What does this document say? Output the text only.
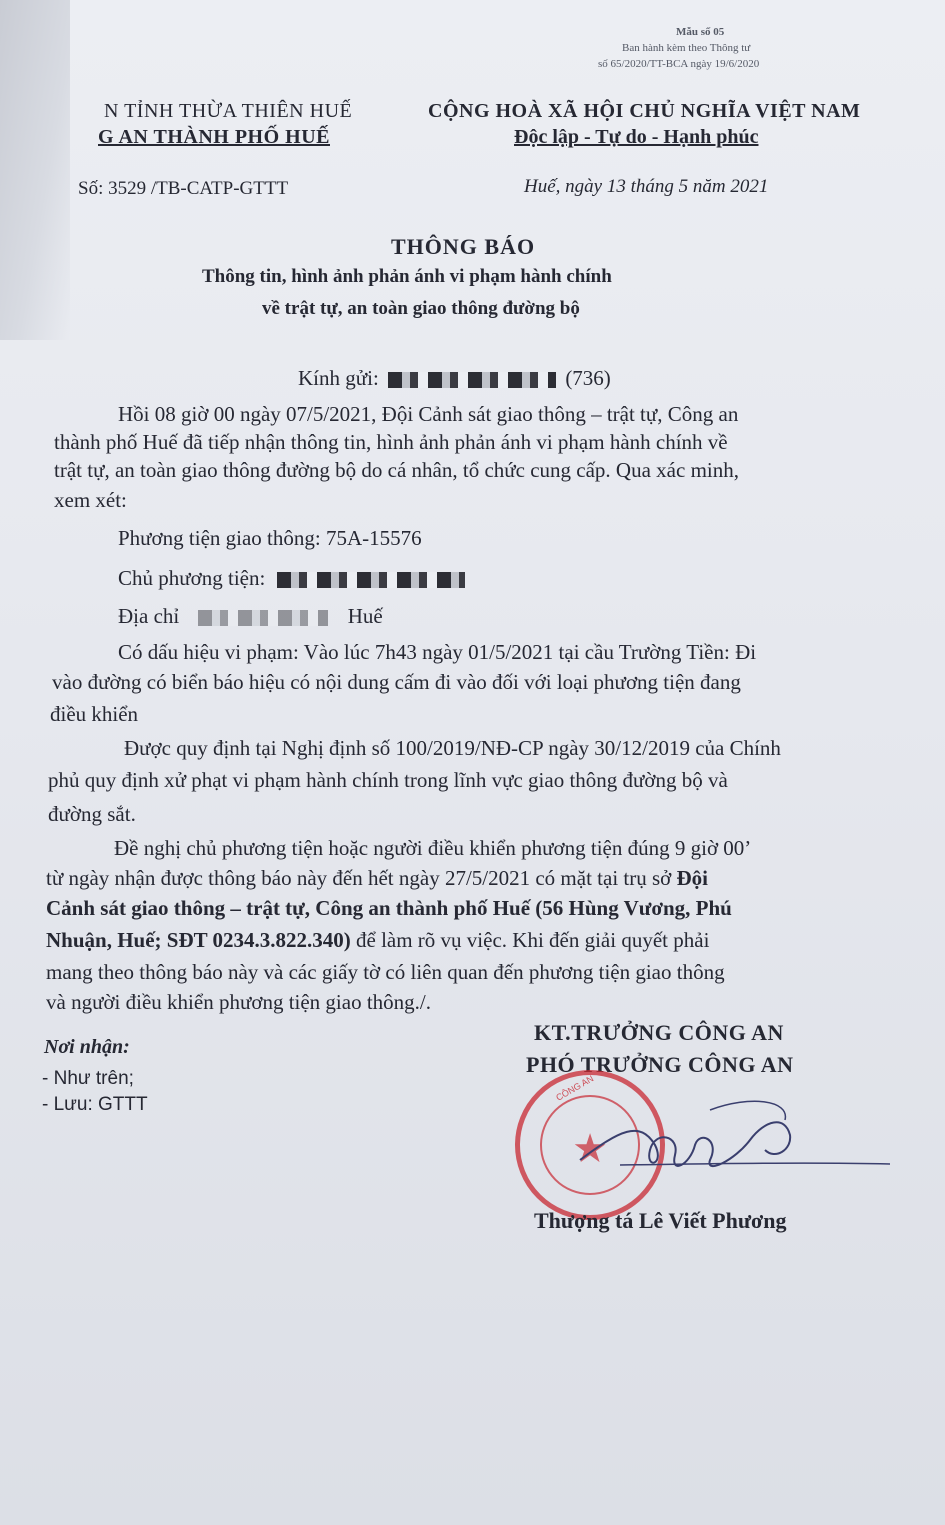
Mẫu số 05
Ban hành kèm theo Thông tư
số 65/2020/TT-BCA ngày 19/6/2020
N TỈNH THỪA THIÊN HUẾ
G AN THÀNH PHỐ HUẾ
Số: 3529 /TB-CATP-GTTT
CỘNG HOÀ XÃ HỘI CHỦ NGHĨA VIỆT NAM
Độc lập - Tự do - Hạnh phúc
Huế, ngày 13 tháng 5 năm 2021
THÔNG BÁO
Thông tin, hình ảnh phản ánh vi phạm hành chính
về trật tự, an toàn giao thông đường bộ
Kính gửi:	(736)
Hồi 08 giờ 00 ngày 07/5/2021, Đội Cảnh sát giao thông – trật tự, Công an
thành phố Huế đã tiếp nhận thông tin, hình ảnh phản ánh vi phạm hành chính về
trật tự, an toàn giao thông đường bộ do cá nhân, tổ chức cung cấp. Qua xác minh,
xem xét:
Phương tiện giao thông: 75A-15576
Chủ phương tiện:
Địa chỉ	Huế
Có dấu hiệu vi phạm: Vào lúc 7h43 ngày 01/5/2021 tại cầu Trường Tiền: Đi
vào đường có biển báo hiệu có nội dung cấm đi vào đối với loại phương tiện đang
điều khiển
Được quy định tại Nghị định số 100/2019/NĐ-CP ngày 30/12/2019 của Chính
phủ quy định xử phạt vi phạm hành chính trong lĩnh vực giao thông đường bộ và
đường sắt.
Đề nghị chủ phương tiện hoặc người điều khiển phương tiện đúng 9 giờ 00’
từ ngày nhận được thông báo này đến hết ngày 27/5/2021 có mặt tại trụ sở Đội
Cảnh sát giao thông – trật tự, Công an thành phố Huế (56 Hùng Vương, Phú
Nhuận, Huế; SĐT 0234.3.822.340) để làm rõ vụ việc. Khi đến giải quyết phải
mang theo thông báo này và các giấy tờ có liên quan đến phương tiện giao thông
và người điều khiển phương tiện giao thông./.
Nơi nhận:
- Như trên;
- Lưu: GTTT
KT.TRƯỞNG CÔNG AN
PHÓ TRƯỞNG CÔNG AN
★
CÔNG AN
Thượng tá Lê Viết Phương
